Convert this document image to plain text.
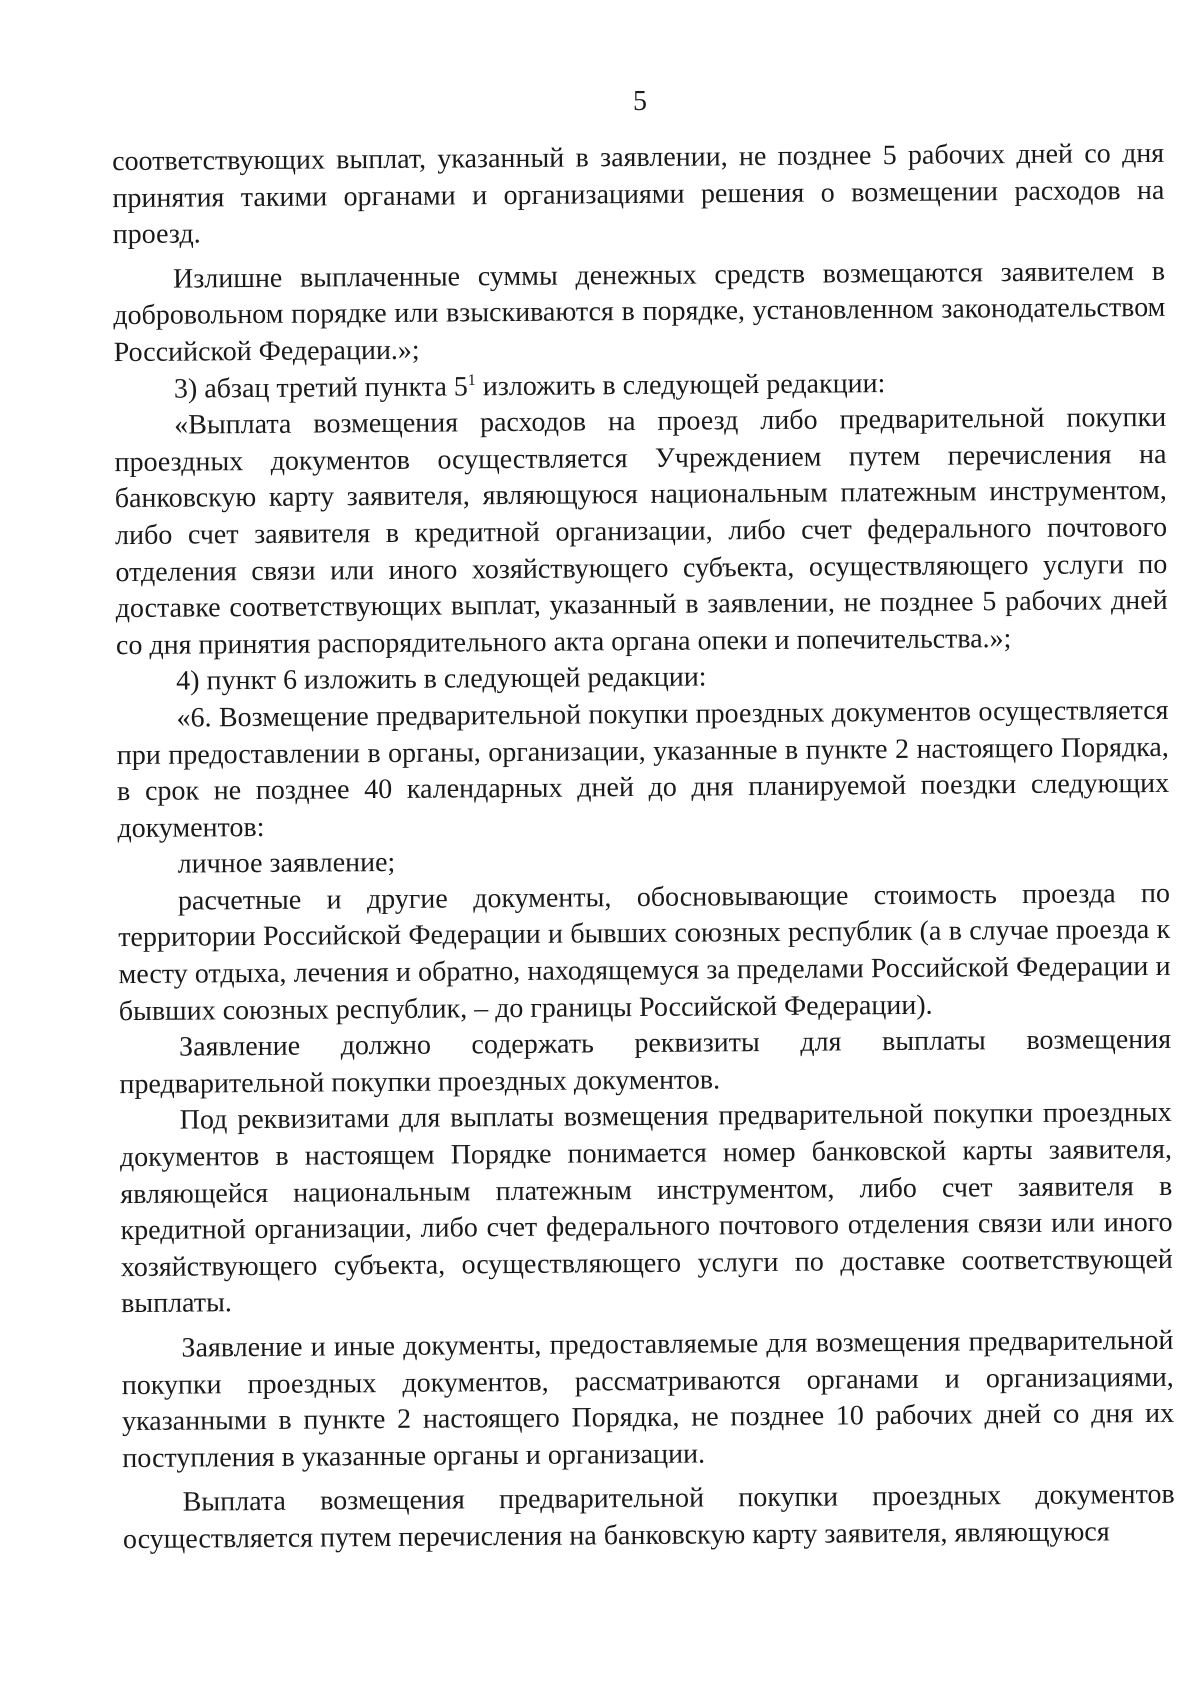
5

соответствующих выплат, указанный в заявлении, не позднее 5 рабочих дней со дня принятия такими органами и организациями решения о возмещении расходов на проезд.

Излишне выплаченные суммы денежных средств возмещаются заявителем в добровольном порядке или взыскиваются в порядке, установленном законодательством Российской Федерации.»;

3) абзац третий пункта $5^1$ изложить в следующей редакции:

«Выплата возмещения расходов на проезд либо предварительной покупки проездных документов осуществляется Учреждением путем перечисления на банковскую карту заявителя, являющуюся национальным платежным инструментом, либо счет заявителя в кредитной организации, либо счет федерального почтового отделения связи или иного хозяйствующего субъекта, осуществляющего услуги по доставке соответствующих выплат, указанный в заявлении, не позднее 5 рабочих дней со дня принятия распорядительного акта органа опеки и попечительства.»;

4) пункт 6 изложить в следующей редакции:

«6. Возмещение предварительной покупки проездных документов осуществляется при предоставлении в органы, организации, указанные в пункте 2 настоящего Порядка, в срок не позднее 40 календарных дней до дня планируемой поездки следующих документов:

личное заявление;

расчетные и другие документы, обосновывающие стоимость проезда по территории Российской Федерации и бывших союзных республик (а в случае проезда к месту отдыха, лечения и обратно, находящемуся за пределами Российской Федерации и бывших союзных республик, – до границы Российской Федерации).

Заявление должно содержать реквизиты для выплаты возмещения предварительной покупки проездных документов.

Под реквизитами для выплаты возмещения предварительной покупки проездных документов в настоящем Порядке понимается номер банковской карты заявителя, являющейся национальным платежным инструментом, либо счет заявителя в кредитной организации, либо счет федерального почтового отделения связи или иного хозяйствующего субъекта, осуществляющего услуги по доставке соответствующей выплаты.

Заявление и иные документы, предоставляемые для возмещения предварительной покупки проездных документов, рассматриваются органами и организациями, указанными в пункте 2 настоящего Порядка, не позднее 10 рабочих дней со дня их поступления в указанные органы и организации.

Выплата возмещения предварительной покупки проездных документов осуществляется путем перечисления на банковскую карту заявителя, являющуюся
